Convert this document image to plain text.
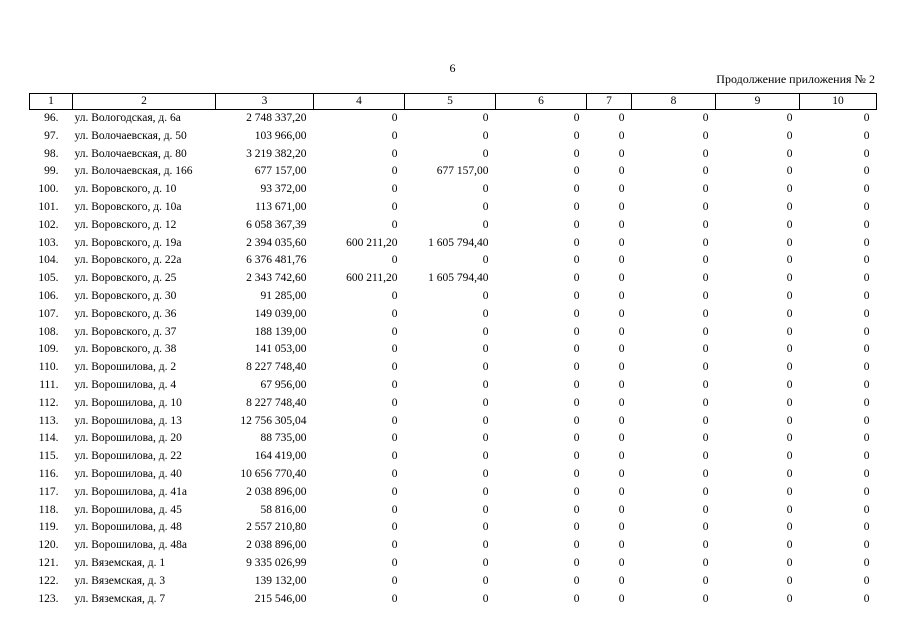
6
Продолжение приложения № 2
1	2	3	4	5	6	7	8	9	10
96.	ул. Вологодская, д. 6а	2 748 337,20	0	0	0	0	0	0	0
97.	ул. Волочаевская, д. 50	103 966,00	0	0	0	0	0	0	0
98.	ул. Волочаевская, д. 80	3 219 382,20	0	0	0	0	0	0	0
99.	ул. Волочаевская, д. 166	677 157,00	0	677 157,00	0	0	0	0	0
100.	ул. Воровского, д. 10	93 372,00	0	0	0	0	0	0	0
101.	ул. Воровского, д. 10а	113 671,00	0	0	0	0	0	0	0
102.	ул. Воровского, д. 12	6 058 367,39	0	0	0	0	0	0	0
103.	ул. Воровского, д. 19а	2 394 035,60	600 211,20	1 605 794,40	0	0	0	0	0
104.	ул. Воровского, д. 22а	6 376 481,76	0	0	0	0	0	0	0
105.	ул. Воровского, д. 25	2 343 742,60	600 211,20	1 605 794,40	0	0	0	0	0
106.	ул. Воровского, д. 30	91 285,00	0	0	0	0	0	0	0
107.	ул. Воровского, д. 36	149 039,00	0	0	0	0	0	0	0
108.	ул. Воровского, д. 37	188 139,00	0	0	0	0	0	0	0
109.	ул. Воровского, д. 38	141 053,00	0	0	0	0	0	0	0
110.	ул. Ворошилова, д. 2	8 227 748,40	0	0	0	0	0	0	0
111.	ул. Ворошилова, д. 4	67 956,00	0	0	0	0	0	0	0
112.	ул. Ворошилова, д. 10	8 227 748,40	0	0	0	0	0	0	0
113.	ул. Ворошилова, д. 13	12 756 305,04	0	0	0	0	0	0	0
114.	ул. Ворошилова, д. 20	88 735,00	0	0	0	0	0	0	0
115.	ул. Ворошилова, д. 22	164 419,00	0	0	0	0	0	0	0
116.	ул. Ворошилова, д. 40	10 656 770,40	0	0	0	0	0	0	0
117.	ул. Ворошилова, д. 41а	2 038 896,00	0	0	0	0	0	0	0
118.	ул. Ворошилова, д. 45	58 816,00	0	0	0	0	0	0	0
119.	ул. Ворошилова, д. 48	2 557 210,80	0	0	0	0	0	0	0
120.	ул. Ворошилова, д. 48а	2 038 896,00	0	0	0	0	0	0	0
121.	ул. Вяземская, д. 1	9 335 026,99	0	0	0	0	0	0	0
122.	ул. Вяземская, д. 3	139 132,00	0	0	0	0	0	0	0
123.	ул. Вяземская, д. 7	215 546,00	0	0	0	0	0	0	0
